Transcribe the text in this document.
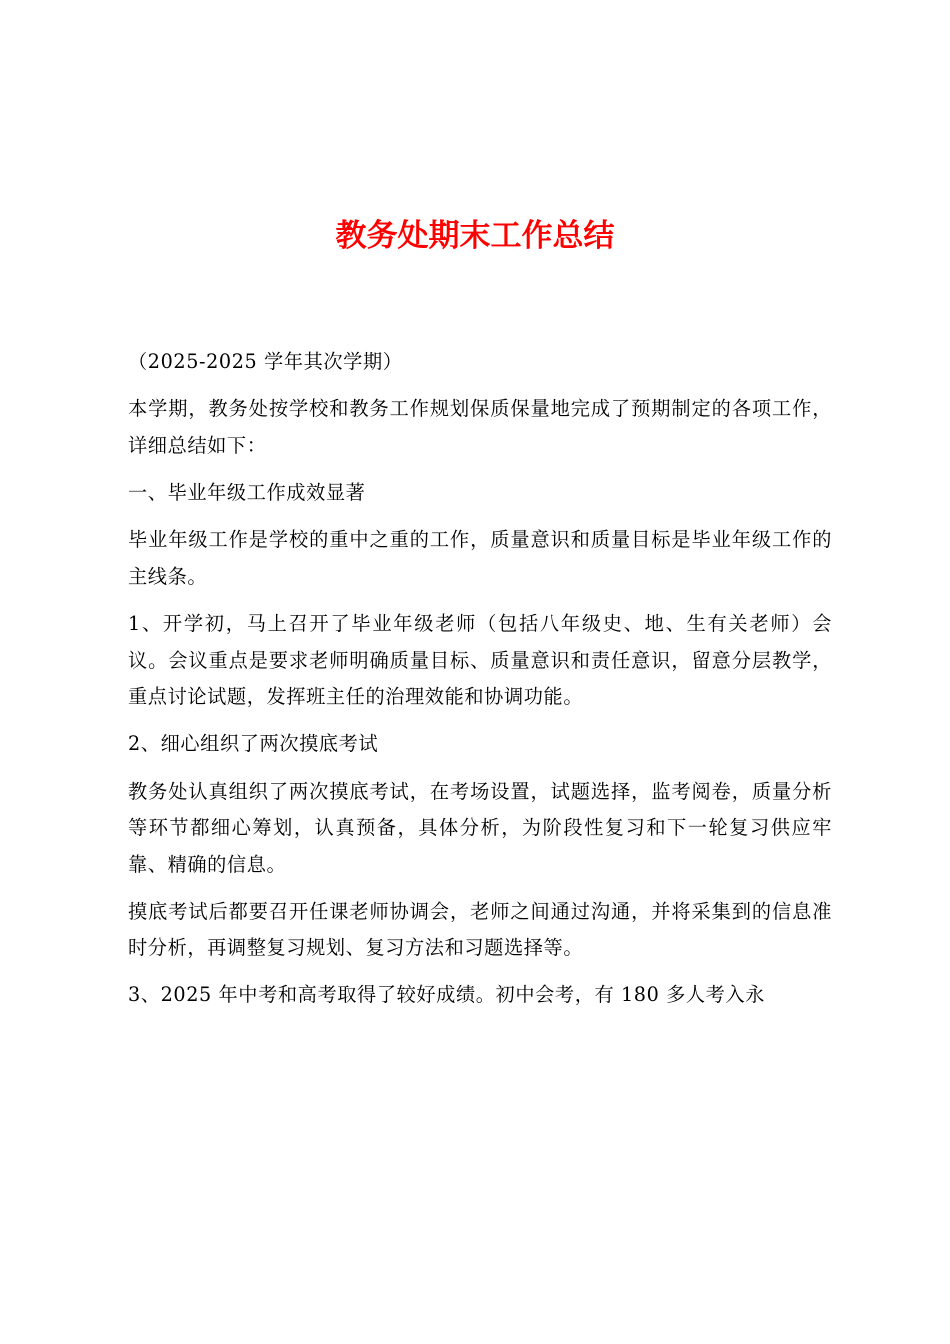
教务处期末工作总结

（2025-2025 学年其次学期）

本学期，教务处按学校和教务工作规划保质保量地完成了预期制定的各项工作，详细总结如下：

一、毕业年级工作成效显著

毕业年级工作是学校的重中之重的工作，质量意识和质量目标是毕业年级工作的主线条。

1、开学初，马上召开了毕业年级老师（包括八年级史、地、生有关老师）会议。会议重点是要求老师明确质量目标、质量意识和责任意识，留意分层教学，重点讨论试题，发挥班主任的治理效能和协调功能。

2、细心组织了两次摸底考试

教务处认真组织了两次摸底考试，在考场设置，试题选择，监考阅卷，质量分析等环节都细心筹划，认真预备，具体分析，为阶段性复习和下一轮复习供应牢靠、精确的信息。

摸底考试后都要召开任课老师协调会，老师之间通过沟通，并将采集到的信息准时分析，再调整复习规划、复习方法和习题选择等。

3、2025 年中考和高考取得了较好成绩。初中会考，有 180 多人考入永
